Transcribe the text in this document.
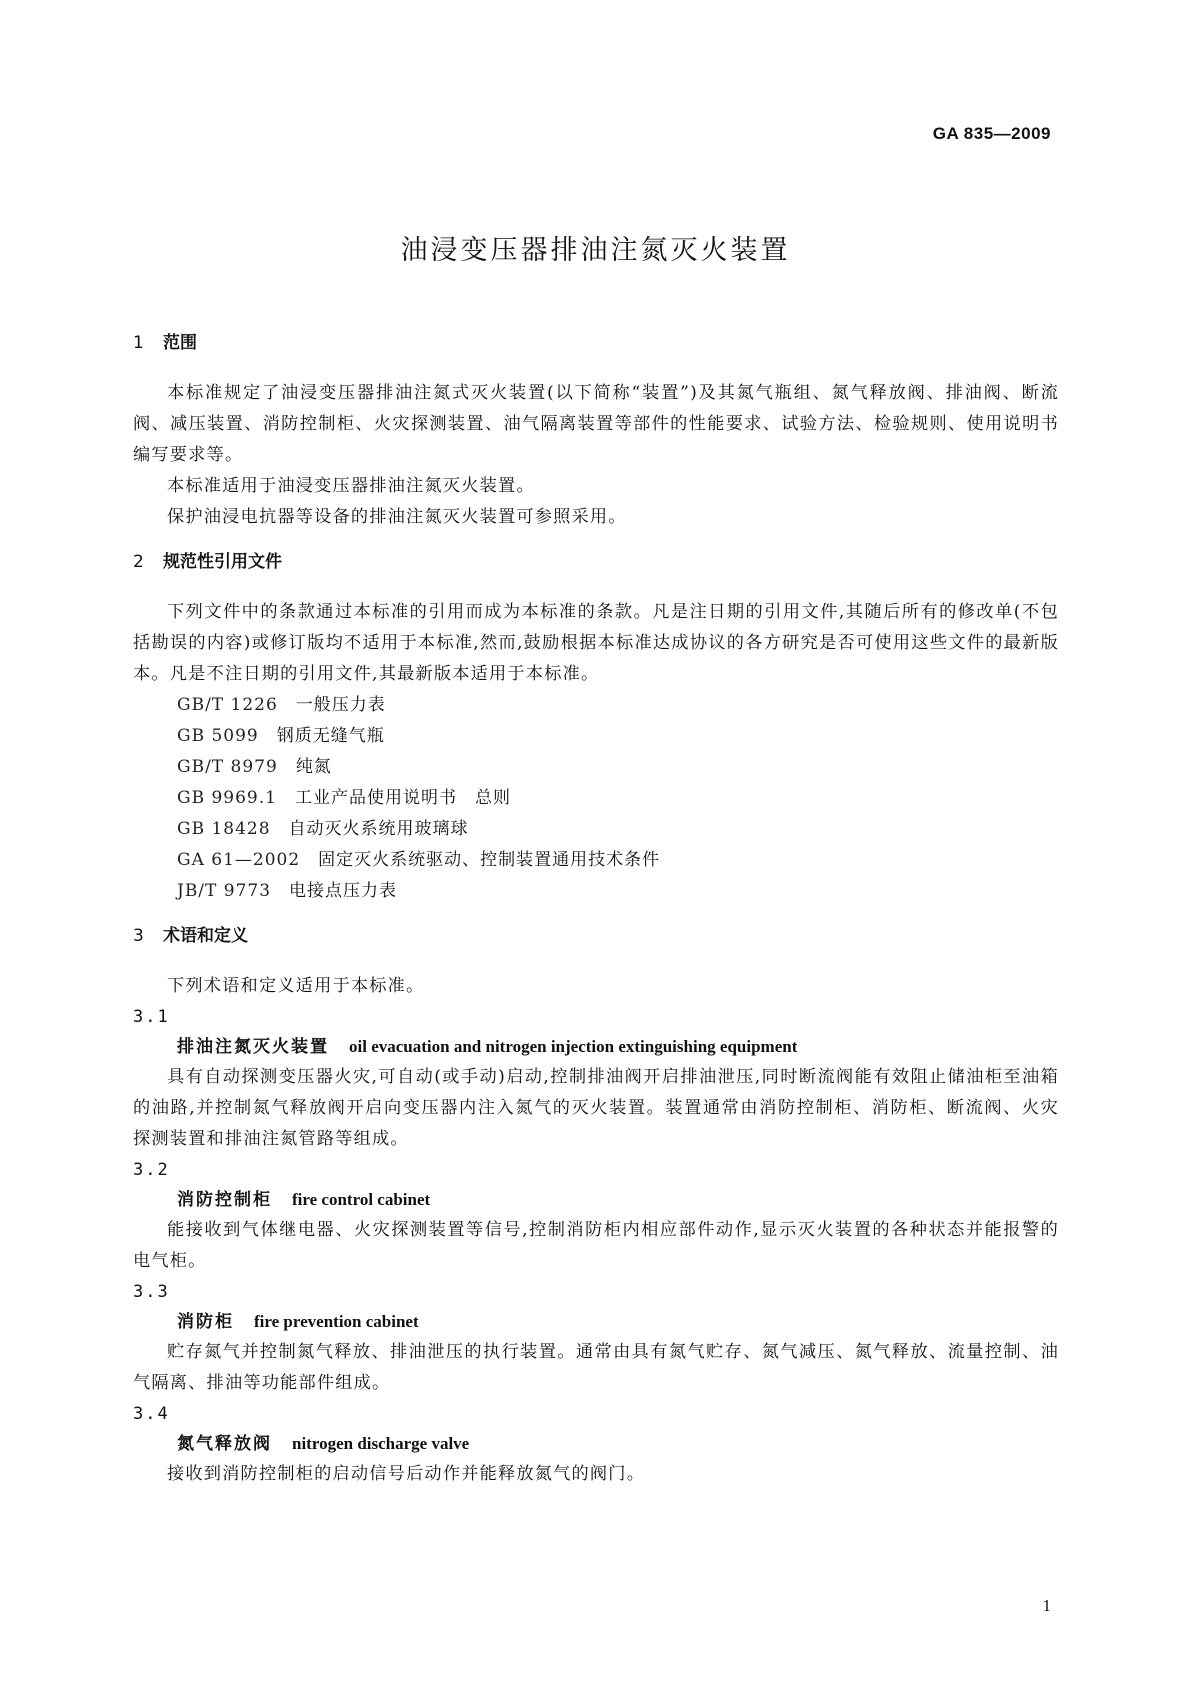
GA 835—2009
油浸变压器排油注氮灭火装置
1 范围

本标准规定了油浸变压器排油注氮式灭火装置(以下简称“装置”)及其氮气瓶组、氮气释放阀、排油阀、断流阀、减压装置、消防控制柜、火灾探测装置、油气隔离装置等部件的性能要求、试验方法、检验规则、使用说明书编写要求等。

本标准适用于油浸变压器排油注氮灭火装置。

保护油浸电抗器等设备的排油注氮灭火装置可参照采用。

2 规范性引用文件

下列文件中的条款通过本标准的引用而成为本标准的条款。凡是注日期的引用文件,其随后所有的修改单(不包括勘误的内容)或修订版均不适用于本标准,然而,鼓励根据本标准达成协议的各方研究是否可使用这些文件的最新版本。凡是不注日期的引用文件,其最新版本适用于本标准。

GB/T 1226 一般压力表
GB 5099 钢质无缝气瓶
GB/T 8979 纯氮
GB 9969.1 工业产品使用说明书　总则
GB 18428 自动灭火系统用玻璃球
GA 61—2002 固定灭火系统驱动、控制装置通用技术条件
JB/T 9773 电接点压力表
3 术语和定义

下列术语和定义适用于本标准。

3.1

排油注氮灭火装置 oil evacuation and nitrogen injection extinguishing equipment

具有自动探测变压器火灾,可自动(或手动)启动,控制排油阀开启排油泄压,同时断流阀能有效阻止储油柜至油箱的油路,并控制氮气释放阀开启向变压器内注入氮气的灭火装置。装置通常由消防控制柜、消防柜、断流阀、火灾探测装置和排油注氮管路等组成。

3.2

消防控制柜 fire control cabinet

能接收到气体继电器、火灾探测装置等信号,控制消防柜内相应部件动作,显示灭火装置的各种状态并能报警的电气柜。

3.3

消防柜 fire prevention cabinet

贮存氮气并控制氮气释放、排油泄压的执行装置。通常由具有氮气贮存、氮气减压、氮气释放、流量控制、油气隔离、排油等功能部件组成。

3.4

氮气释放阀 nitrogen discharge valve

接收到消防控制柜的启动信号后动作并能释放氮气的阀门。

1
